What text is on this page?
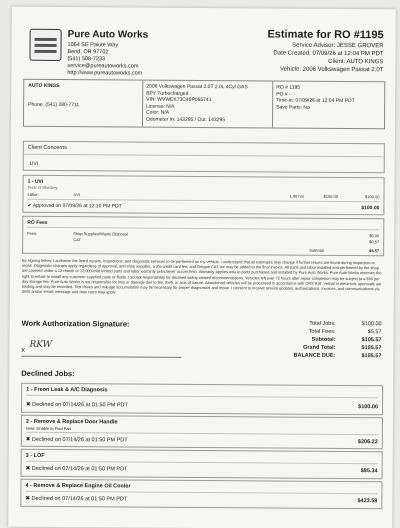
Pure Auto Works
1064 SE Paiute Way
Bend, OR 97702
(541) 508-7233
service@pureautoworks.com
http://www.pureautoworks.com
Estimate for RO #1195
Service Advisor: JESSE GROVER
Date Created: 07/09/26 at 12:04 PM PDT
Client: AUTO KINGS
Vehicle: 2006 Volkswagen Passat 2.0T
AUTO KINGS
Phone: (541) 280-7711
2006 Volkswagen Passat 2.0T 2.0L 4Cyl GAS
BPY Turbocharged
VIN: WVWEK73C46P065741
License: N/A
Color: N/A
Odometer In: 143295 / Out: 143295
RO # 1195
PO # -
Time-in: 07/09/26 at 12:04 PM PDT
Save Parts: No
Client Concerns
UVI
1 - UVI
Tech: D Sheckey
Labor:	UVI	1.00 hrs	$100.00	$100.00
✔ Approved on 07/09/26 at 12:10 PM PDT	$100.00
RO Fees
Fees:	Shop Supplies/Waste Disposal	$5.00
CAT	$0.57
Subtotal	$5.57
By signing below, I authorize the listed repairs, inspections, and diagnostic services to be performed on my vehicle. I understand that all estimates may change if further issues are found during inspection or repair. Diagnostic charges apply regardless of approval, and shop supplies, a 3% credit card fee, and Oregon CAT tax may be added to the final invoice. All parts and labor installed and performed by the shop are covered under a 12-month or 12,000-mile limited parts and labor warranty (whichever occurs first). Warranty applies only to parts purchased and installed by Pure Auto Works. Pure Auto Works reserves the right to refuse to install any customer-supplied parts or fluids. I accept responsibility for declined safety-related recommendations. Vehicles left over 72 hours after repair completion may be subject to a $50 per day storage fee. Pure Auto Works is not responsible for loss or damage due to fire, theft, or acts of nature. Abandoned vehicles will be processed in accordance with ORS 819. Verbal or electronic approvals are binding and may be recorded. Test drives and mileage accumulation may be necessary for proper diagnostics and repair. I consent to receive service updates, authorizations, invoices, and communications via SMS and/or email; message and data rates may apply.
Work Authorization Signature:
x
RKW
Total Jobs:	$100.00
Total Fees:	$5.57
Subtotal:	$105.57
Grand Total:	$105.57
BALANCE DUE:	$105.57
Declined Jobs:
1 - Freon Leak & A/C Diagnosis
✖ Declined on 07/14/26 at 01:50 PM PDT	$100.00
2 - Remove & Replace Door Handle
Note: Unable to Find Part
✖ Declined on 07/14/26 at 01:50 PM PDT	$206.22
3 - LOF
✖ Declined on 07/14/26 at 01:50 PM PDT	$95.34
4 - Remove & Replace Engine Oil Cooler
✖ Declined on 07/14/26 at 01:50 PM PDT	$423.58
